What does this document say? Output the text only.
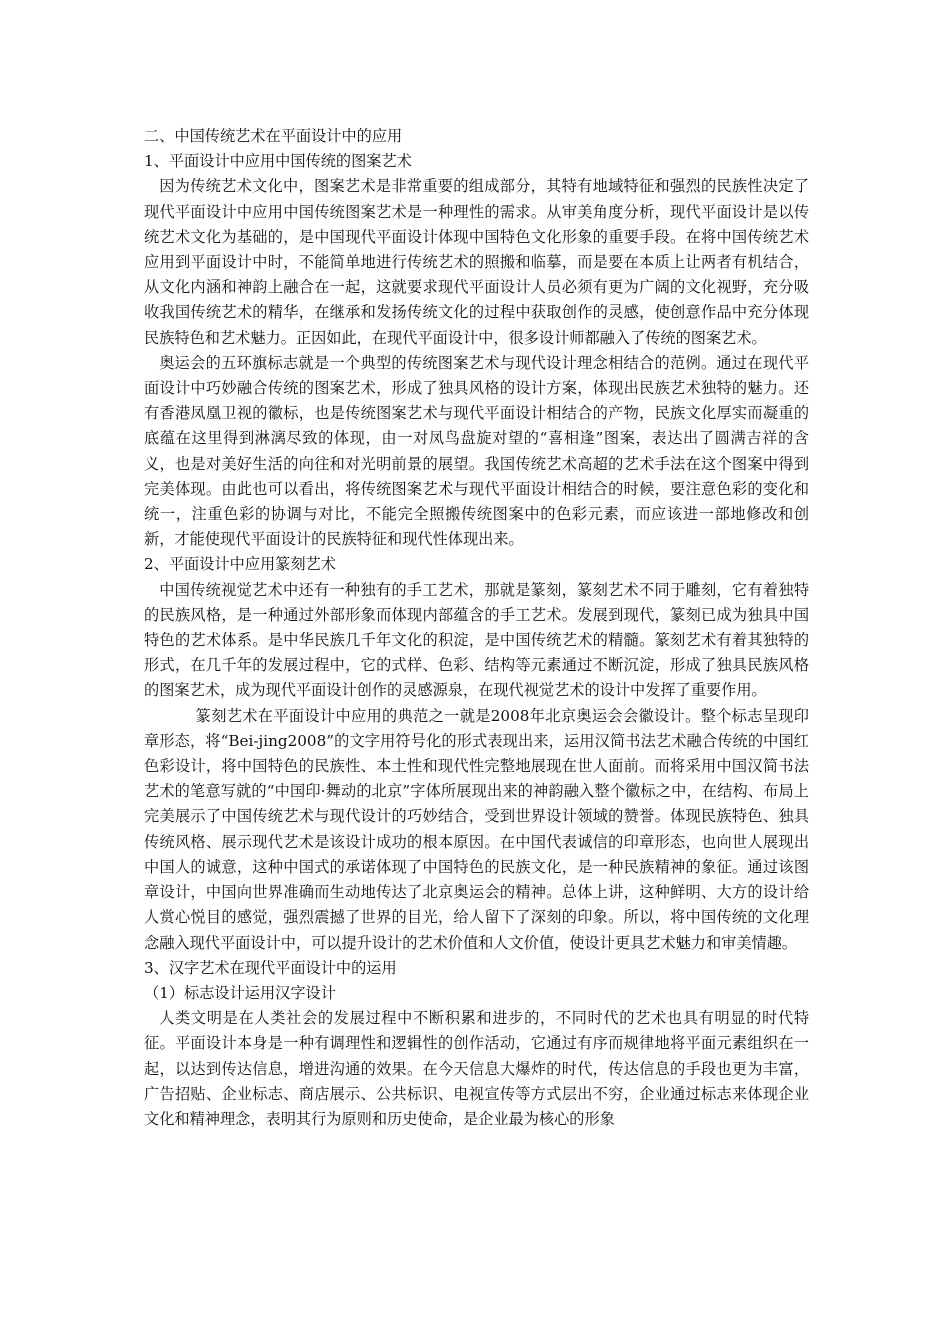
二、中国传统艺术在平面设计中的应用

1、平面设计中应用中国传统的图案艺术

因为传统艺术文化中，图案艺术是非常重要的组成部分，其特有地域特征和强烈的民族性决定了现代平面设计中应用中国传统图案艺术是一种理性的需求。从审美角度分析，现代平面设计是以传统艺术文化为基础的，是中国现代平面设计体现中国特色文化形象的重要手段。在将中国传统艺术应用到平面设计中时，不能简单地进行传统艺术的照搬和临摹，而是要在本质上让两者有机结合，从文化内涵和神韵上融合在一起，这就要求现代平面设计人员必须有更为广阔的文化视野，充分吸收我国传统艺术的精华，在继承和发扬传统文化的过程中获取创作的灵感，使创意作品中充分体现民族特色和艺术魅力。正因如此，在现代平面设计中，很多设计师都融入了传统的图案艺术。

奥运会的五环旗标志就是一个典型的传统图案艺术与现代设计理念相结合的范例。通过在现代平面设计中巧妙融合传统的图案艺术，形成了独具风格的设计方案，体现出民族艺术独特的魅力。还有香港凤凰卫视的徽标，也是传统图案艺术与现代平面设计相结合的产物，民族文化厚实而凝重的底蕴在这里得到淋漓尽致的体现，由一对凤鸟盘旋对望的“喜相逢”图案，表达出了圆满吉祥的含义，也是对美好生活的向往和对光明前景的展望。我国传统艺术高超的艺术手法在这个图案中得到完美体现。由此也可以看出，将传统图案艺术与现代平面设计相结合的时候，要注意色彩的变化和统一，注重色彩的协调与对比，不能完全照搬传统图案中的色彩元素，而应该进一部地修改和创新，才能使现代平面设计的民族特征和现代性体现出来。

2、平面设计中应用篆刻艺术

中国传统视觉艺术中还有一种独有的手工艺术，那就是篆刻，篆刻艺术不同于雕刻，它有着独特的民族风格，是一种通过外部形象而体现内部蕴含的手工艺术。发展到现代，篆刻已成为独具中国特色的艺术体系。是中华民族几千年文化的积淀，是中国传统艺术的精髓。篆刻艺术有着其独特的形式，在几千年的发展过程中，它的式样、色彩、结构等元素通过不断沉淀，形成了独具民族风格的图案艺术，成为现代平面设计创作的灵感源泉，在现代视觉艺术的设计中发挥了重要作用。

篆刻艺术在平面设计中应用的典范之一就是2008年北京奥运会会徽设计。整个标志呈现印章形态，将“Bei-jing2008”的文字用符号化的形式表现出来，运用汉简书法艺术融合传统的中国红色彩设计，将中国特色的民族性、本土性和现代性完整地展现在世人面前。而将采用中国汉简书法艺术的笔意写就的“中国印·舞动的北京”字体所展现出来的神韵融入整个徽标之中，在结构、布局上完美展示了中国传统艺术与现代设计的巧妙结合，受到世界设计领域的赞誉。体现民族特色、独具传统风格、展示现代艺术是该设计成功的根本原因。在中国代表诚信的印章形态，也向世人展现出中国人的诚意，这种中国式的承诺体现了中国特色的民族文化，是一种民族精神的象征。通过该图章设计，中国向世界准确而生动地传达了北京奥运会的精神。总体上讲，这种鲜明、大方的设计给人赏心悦目的感觉，强烈震撼了世界的目光，给人留下了深刻的印象。所以，将中国传统的文化理念融入现代平面设计中，可以提升设计的艺术价值和人文价值，使设计更具艺术魅力和审美情趣。

3、汉字艺术在现代平面设计中的运用

（1）标志设计运用汉字设计

人类文明是在人类社会的发展过程中不断积累和进步的，不同时代的艺术也具有明显的时代特征。平面设计本身是一种有调理性和逻辑性的创作活动，它通过有序而规律地将平面元素组织在一起，以达到传达信息，增进沟通的效果。在今天信息大爆炸的时代，传达信息的手段也更为丰富，广告招贴、企业标志、商店展示、公共标识、电视宣传等方式层出不穷，企业通过标志来体现企业文化和精神理念，表明其行为原则和历史使命，是企业最为核心的形象
